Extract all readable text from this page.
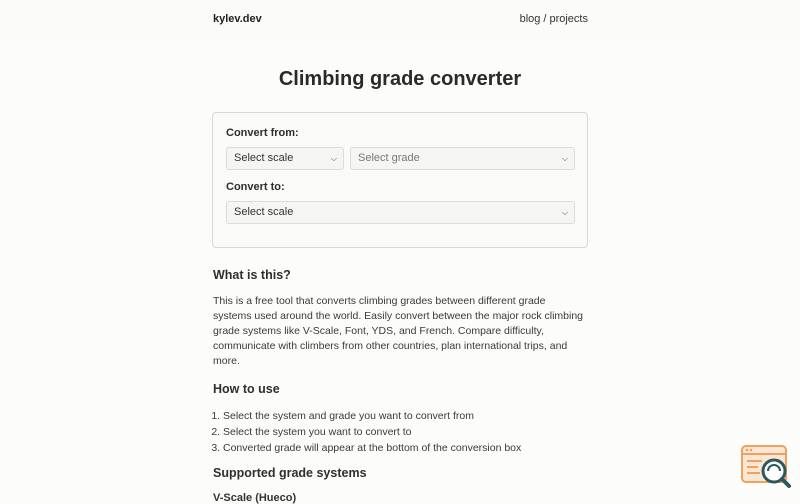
kylev.dev	blog / projects
Climbing grade converter
Convert from:
Select scale	⌵	Select grade	⌵
Convert to:
Select scale	⌵
What is this?

This is a free tool that converts climbing grades between different grade systems used around the world. Easily convert between the major rock climbing grade systems like V-Scale, Font, YDS, and French. Compare difficulty, communicate with climbers from other countries, plan international trips, and more.

How to use
1. Select the system and grade you want to convert from
2. Select the system you want to convert to
3. Converted grade will appear at the bottom of the conversion box
Supported grade systems
V-Scale (Hueco)
